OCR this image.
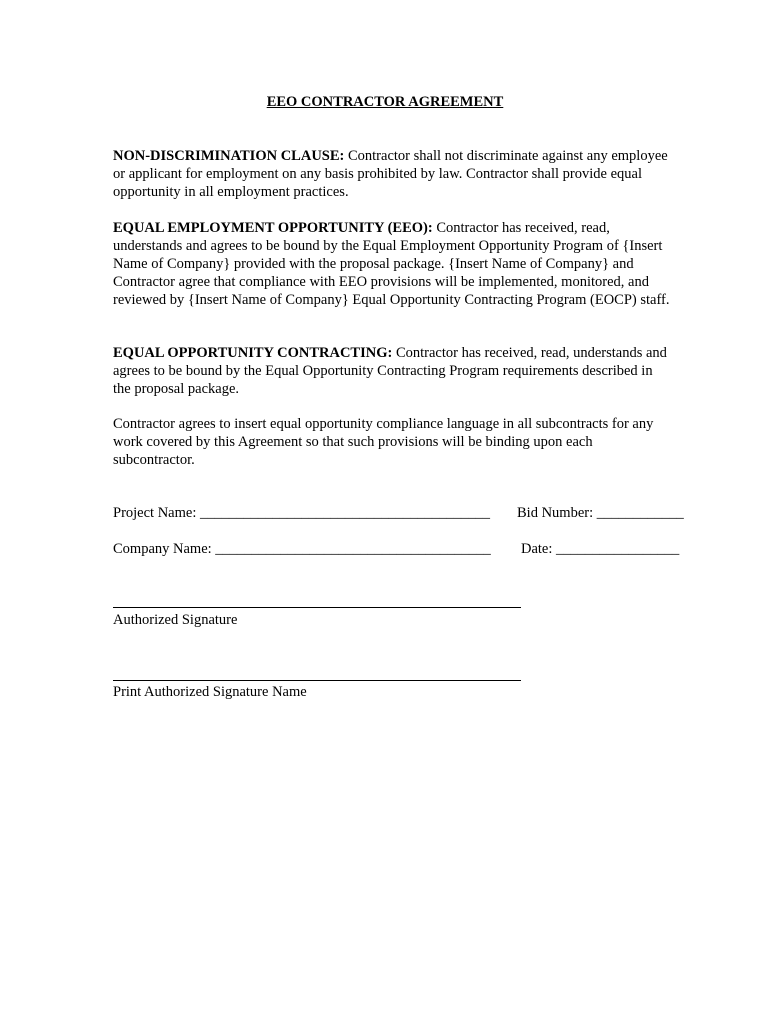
EEO CONTRACTOR AGREEMENT

NON-DISCRIMINATION CLAUSE: Contractor shall not discriminate against any employee or applicant for employment on any basis prohibited by law. Contractor shall provide equal opportunity in all employment practices.

EQUAL EMPLOYMENT OPPORTUNITY (EEO): Contractor has received, read, understands and agrees to be bound by the Equal Employment Opportunity Program of {Insert Name of Company} provided with the proposal package. {Insert Name of Company} and Contractor agree that compliance with EEO provisions will be implemented, monitored, and reviewed by {Insert Name of Company} Equal Opportunity Contracting Program (EOCP) staff.

EQUAL OPPORTUNITY CONTRACTING: Contractor has received, read, understands and agrees to be bound by the Equal Opportunity Contracting Program requirements described in the proposal package.

Contractor agrees to insert equal opportunity compliance language in all subcontracts for any work covered by this Agreement so that such provisions will be binding upon each subcontractor.

Project Name: ________________________________________ Bid Number: ____________
Company Name: ______________________________________ Date: _________________
Authorized Signature
Print Authorized Signature Name
